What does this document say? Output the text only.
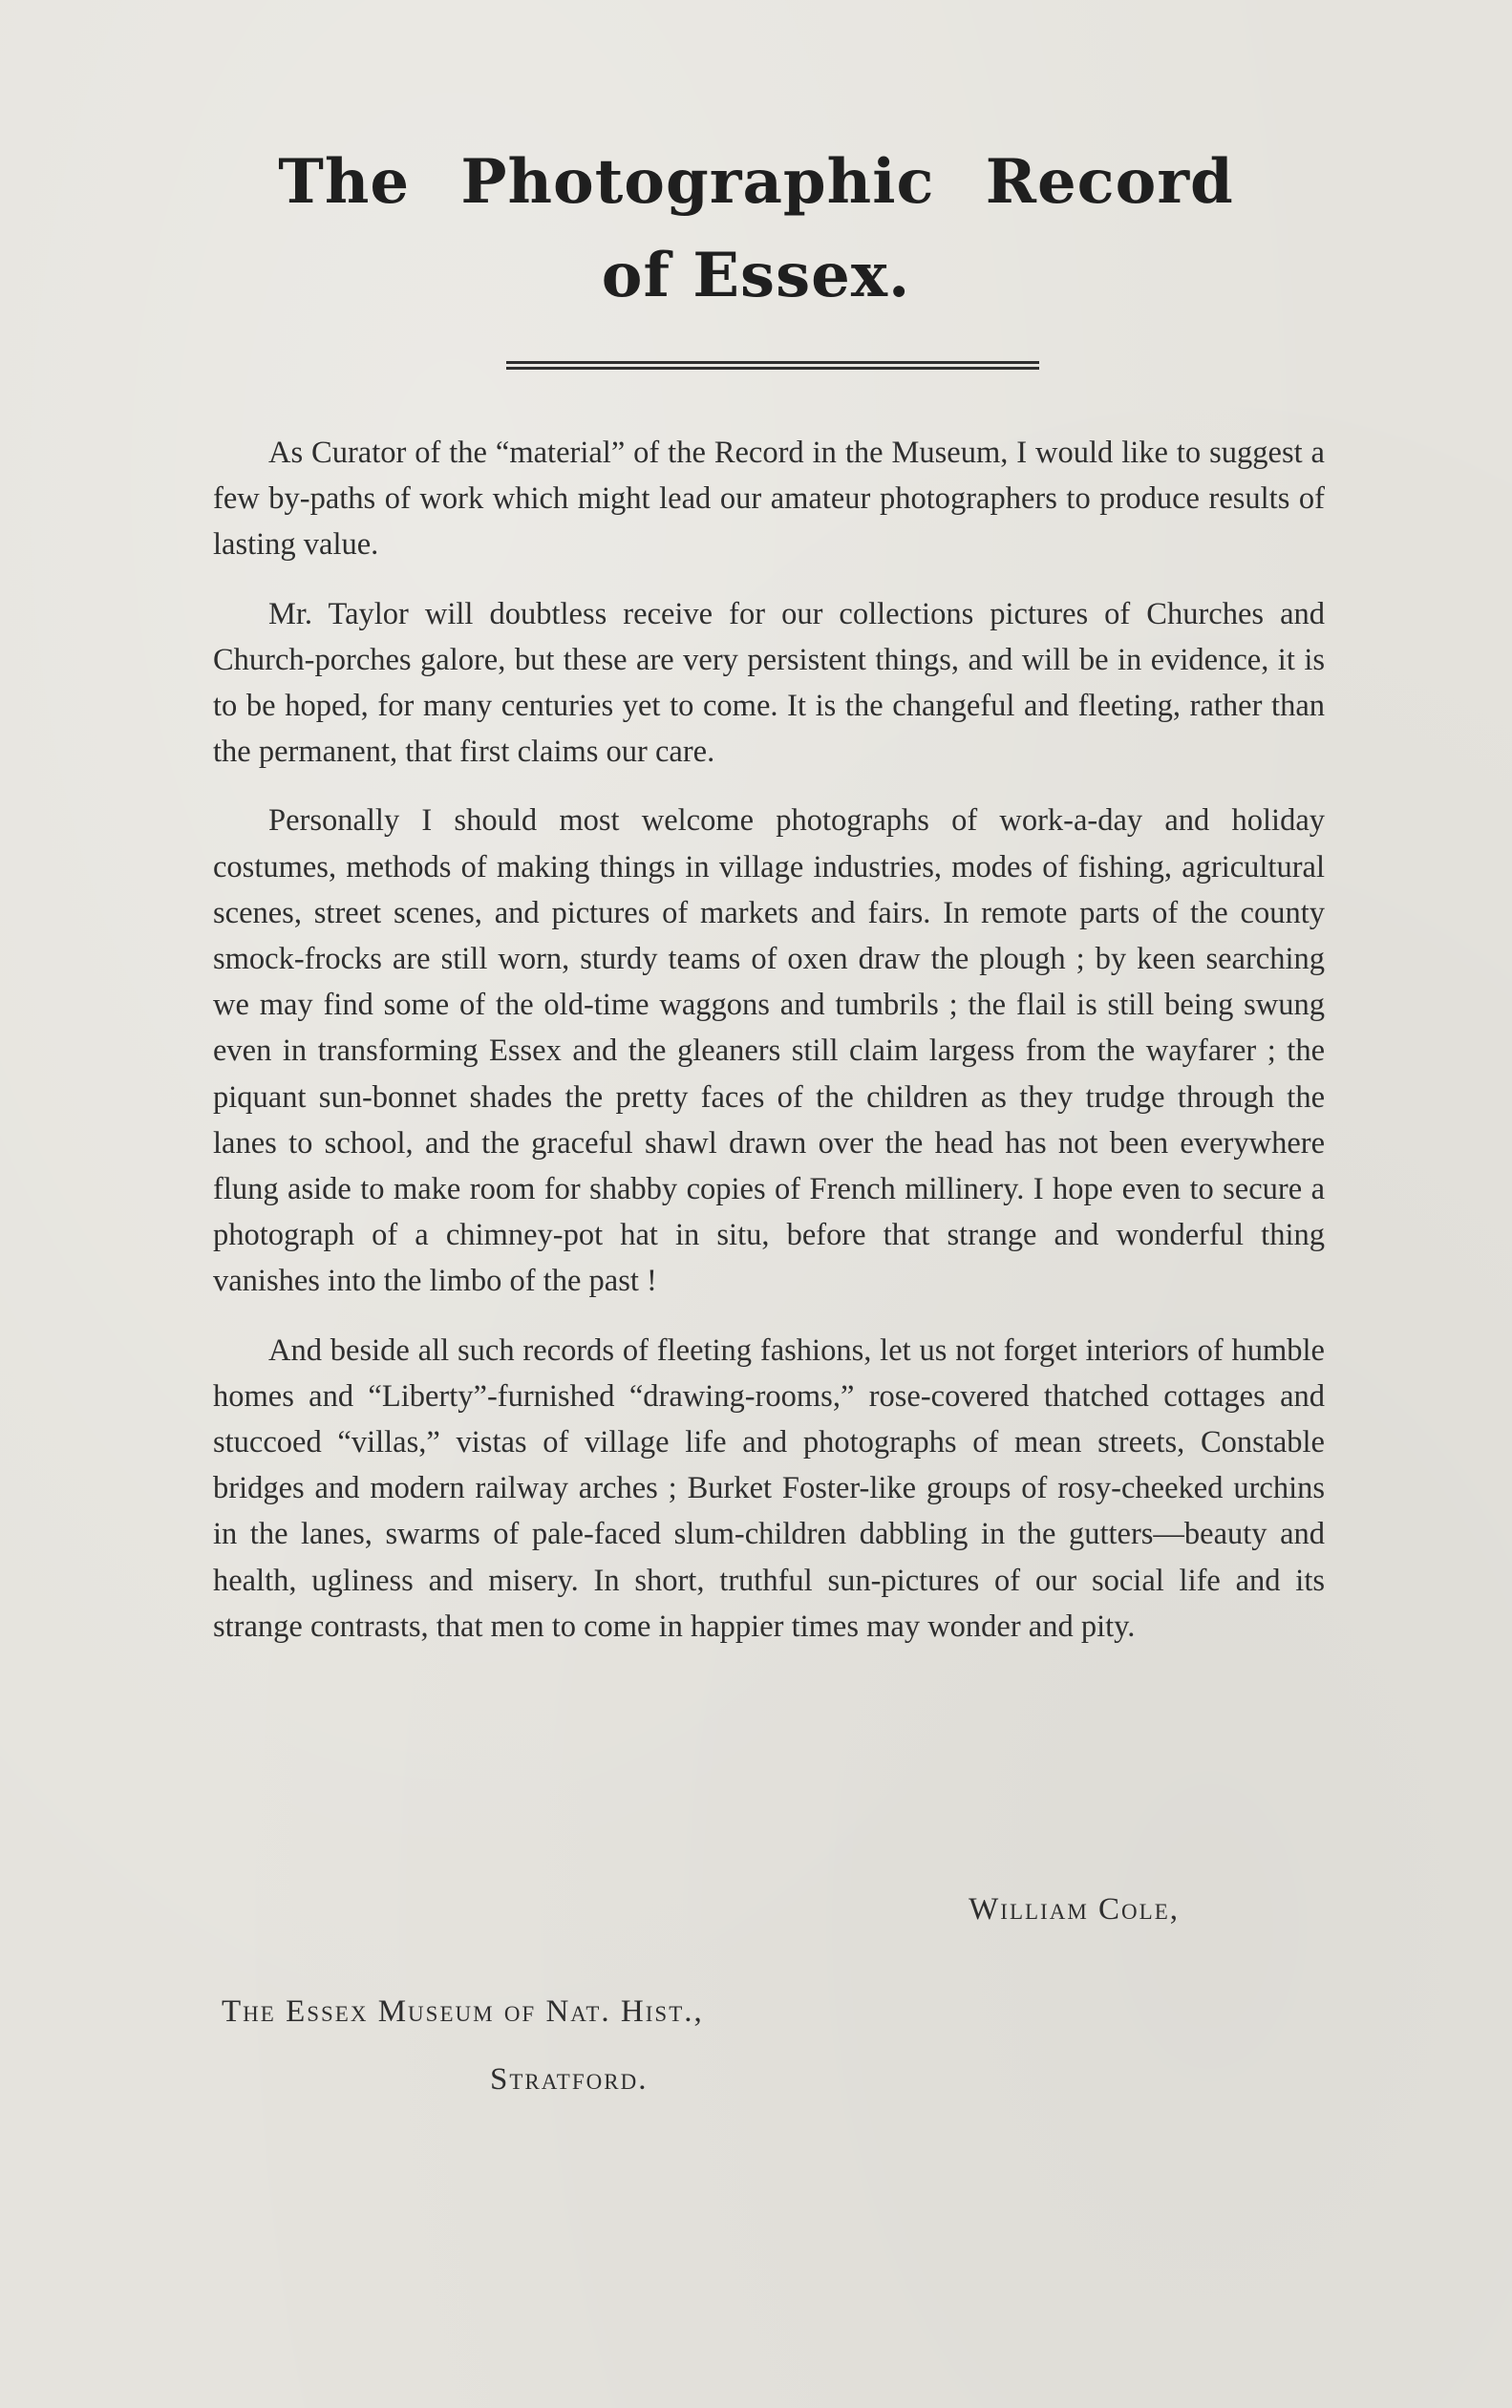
The Photographic Record
of Essex.

As Curator of the “material” of the Record in the Museum, I would like to suggest a few by-paths of work which might lead our amateur photographers to produce results of lasting value.

Mr. Taylor will doubtless receive for our collections pictures of Churches and Church-porches galore, but these are very persistent things, and will be in evidence, it is to be hoped, for many centuries yet to come. It is the changeful and fleeting, rather than the permanent, that first claims our care.

Personally I should most welcome photographs of work-a-day and holiday costumes, methods of making things in village industries, modes of fishing, agricultural scenes, street scenes, and pictures of markets and fairs. In remote parts of the county smock-frocks are still worn, sturdy teams of oxen draw the plough ; by keen searching we may find some of the old-time waggons and tumbrils ; the flail is still being swung even in transforming Essex and the gleaners still claim largess from the wayfarer ; the piquant sun-bonnet shades the pretty faces of the children as they trudge through the lanes to school, and the graceful shawl drawn over the head has not been everywhere flung aside to make room for shabby copies of French millinery. I hope even to secure a photograph of a chimney-pot hat in situ, before that strange and wonderful thing vanishes into the limbo of the past !

And beside all such records of fleeting fashions, let us not forget interiors of humble homes and “Liberty”-furnished “drawing-rooms,” rose-covered thatched cottages and stuccoed “villas,” vistas of village life and photographs of mean streets, Constable bridges and modern railway arches ; Burket Foster-like groups of rosy-cheeked urchins in the lanes, swarms of pale-faced slum-children dabbling in the gutters—beauty and health, ugliness and misery. In short, truthful sun-pictures of our social life and its strange contrasts, that men to come in happier times may wonder and pity.

William Cole,
The Essex Museum of Nat. Hist.,
Stratford.
